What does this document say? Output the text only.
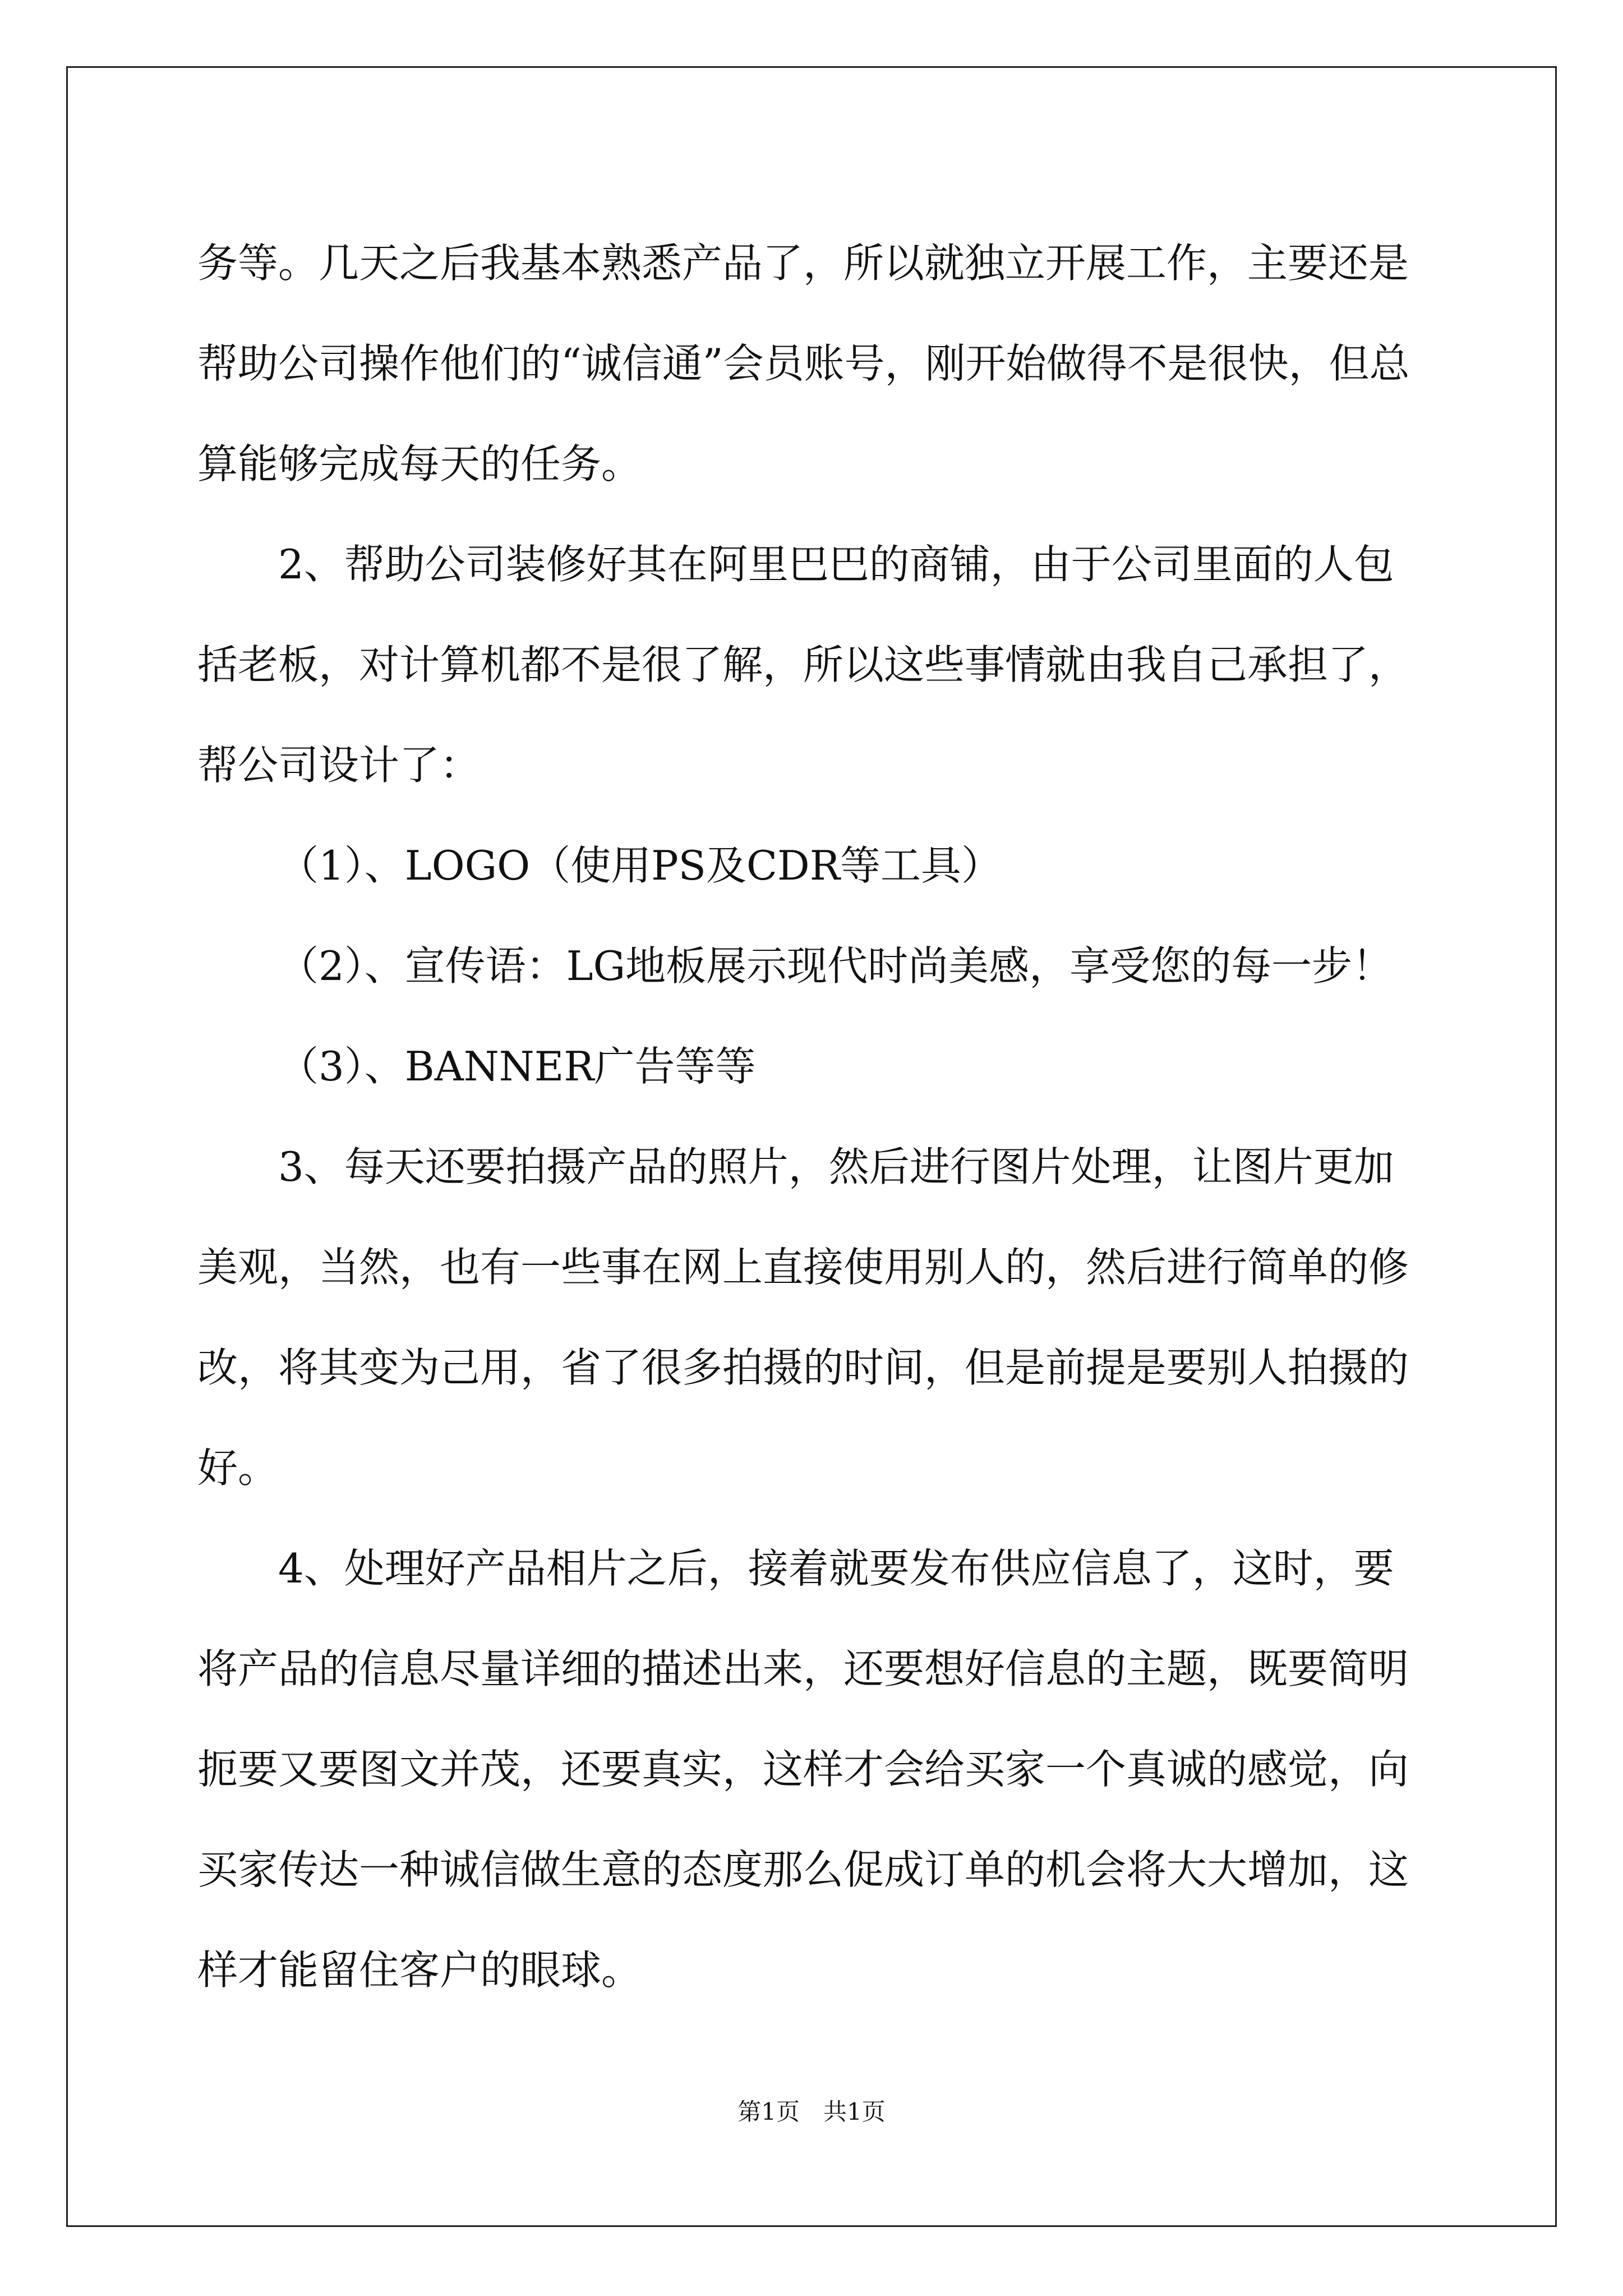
务等。几天之后我基本熟悉产品了，所以就独立开展工作，主要还是帮助公司操作他们的“诚信通”会员账号，刚开始做得不是很快，但总算能够完成每天的任务。

2、帮助公司装修好其在阿里巴巴的商铺，由于公司里面的人包括老板，对计算机都不是很了解，所以这些事情就由我自己承担了，帮公司设计了：

（1）、LOGO（使用PS及CDR等工具）

（2）、宣传语：LG地板展示现代时尚美感，享受您的每一步！

（3）、BANNER广告等等

3、每天还要拍摄产品的照片，然后进行图片处理，让图片更加美观，当然，也有一些事在网上直接使用别人的，然后进行简单的修改，将其变为己用，省了很多拍摄的时间，但是前提是要别人拍摄的好。

4、处理好产品相片之后，接着就要发布供应信息了，这时，要将产品的信息尽量详细的描述出来，还要想好信息的主题，既要简明扼要又要图文并茂，还要真实，这样才会给买家一个真诚的感觉，向买家传达一种诚信做生意的态度那么促成订单的机会将大大增加，这样才能留住客户的眼球。

第1页　共1页
